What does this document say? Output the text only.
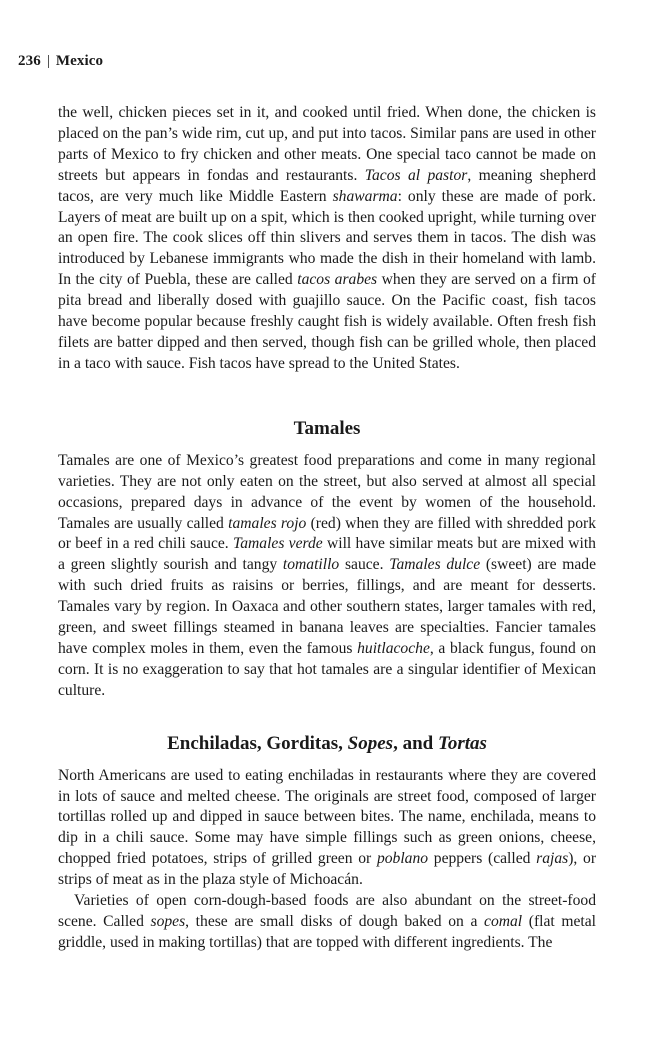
236 | Mexico

the well, chicken pieces set in it, and cooked until fried. When done, the chicken is placed on the pan’s wide rim, cut up, and put into tacos. Similar pans are used in other parts of Mexico to fry chicken and other meats. One special taco cannot be made on streets but appears in fondas and restaurants. Tacos al pastor, meaning shepherd tacos, are very much like Middle Eastern shawarma: only these are made of pork. Layers of meat are built up on a spit, which is then cooked upright, while turning over an open fire. The cook slices off thin slivers and serves them in tacos. The dish was introduced by Lebanese immigrants who made the dish in their homeland with lamb. In the city of Puebla, these are called tacos arabes when they are served on a firm of pita bread and liberally dosed with guajillo sauce. On the Pacific coast, fish tacos have become popular because freshly caught fish is widely available. Often fresh fish filets are batter dipped and then served, though fish can be grilled whole, then placed in a taco with sauce. Fish tacos have spread to the United States.

Tamales

Tamales are one of Mexico’s greatest food preparations and come in many regional varieties. They are not only eaten on the street, but also served at almost all special occasions, prepared days in advance of the event by women of the household. Tamales are usually called tamales rojo (red) when they are filled with shredded pork or beef in a red chili sauce. Tamales verde will have similar meats but are mixed with a green slightly sourish and tangy tomatillo sauce. Tamales dulce (sweet) are made with such dried fruits as raisins or berries, fillings, and are meant for desserts. Tamales vary by region. In Oaxaca and other southern states, larger tamales with red, green, and sweet fillings steamed in banana leaves are specialties. Fancier tamales have complex moles in them, even the famous huitlacoche, a black fungus, found on corn. It is no exaggeration to say that hot tamales are a singular identifier of Mexican culture.

Enchiladas, Gorditas, Sopes, and Tortas

North Americans are used to eating enchiladas in restaurants where they are covered in lots of sauce and melted cheese. The originals are street food, composed of larger tortillas rolled up and dipped in sauce between bites. The name, enchilada, means to dip in a chili sauce. Some may have simple fillings such as green onions, cheese, chopped fried potatoes, strips of grilled green or poblano peppers (called rajas), or strips of meat as in the plaza style of Michoacán.

Varieties of open corn-dough-based foods are also abundant on the street-food scene. Called sopes, these are small disks of dough baked on a comal (flat metal griddle, used in making tortillas) that are topped with different ingredients. The
